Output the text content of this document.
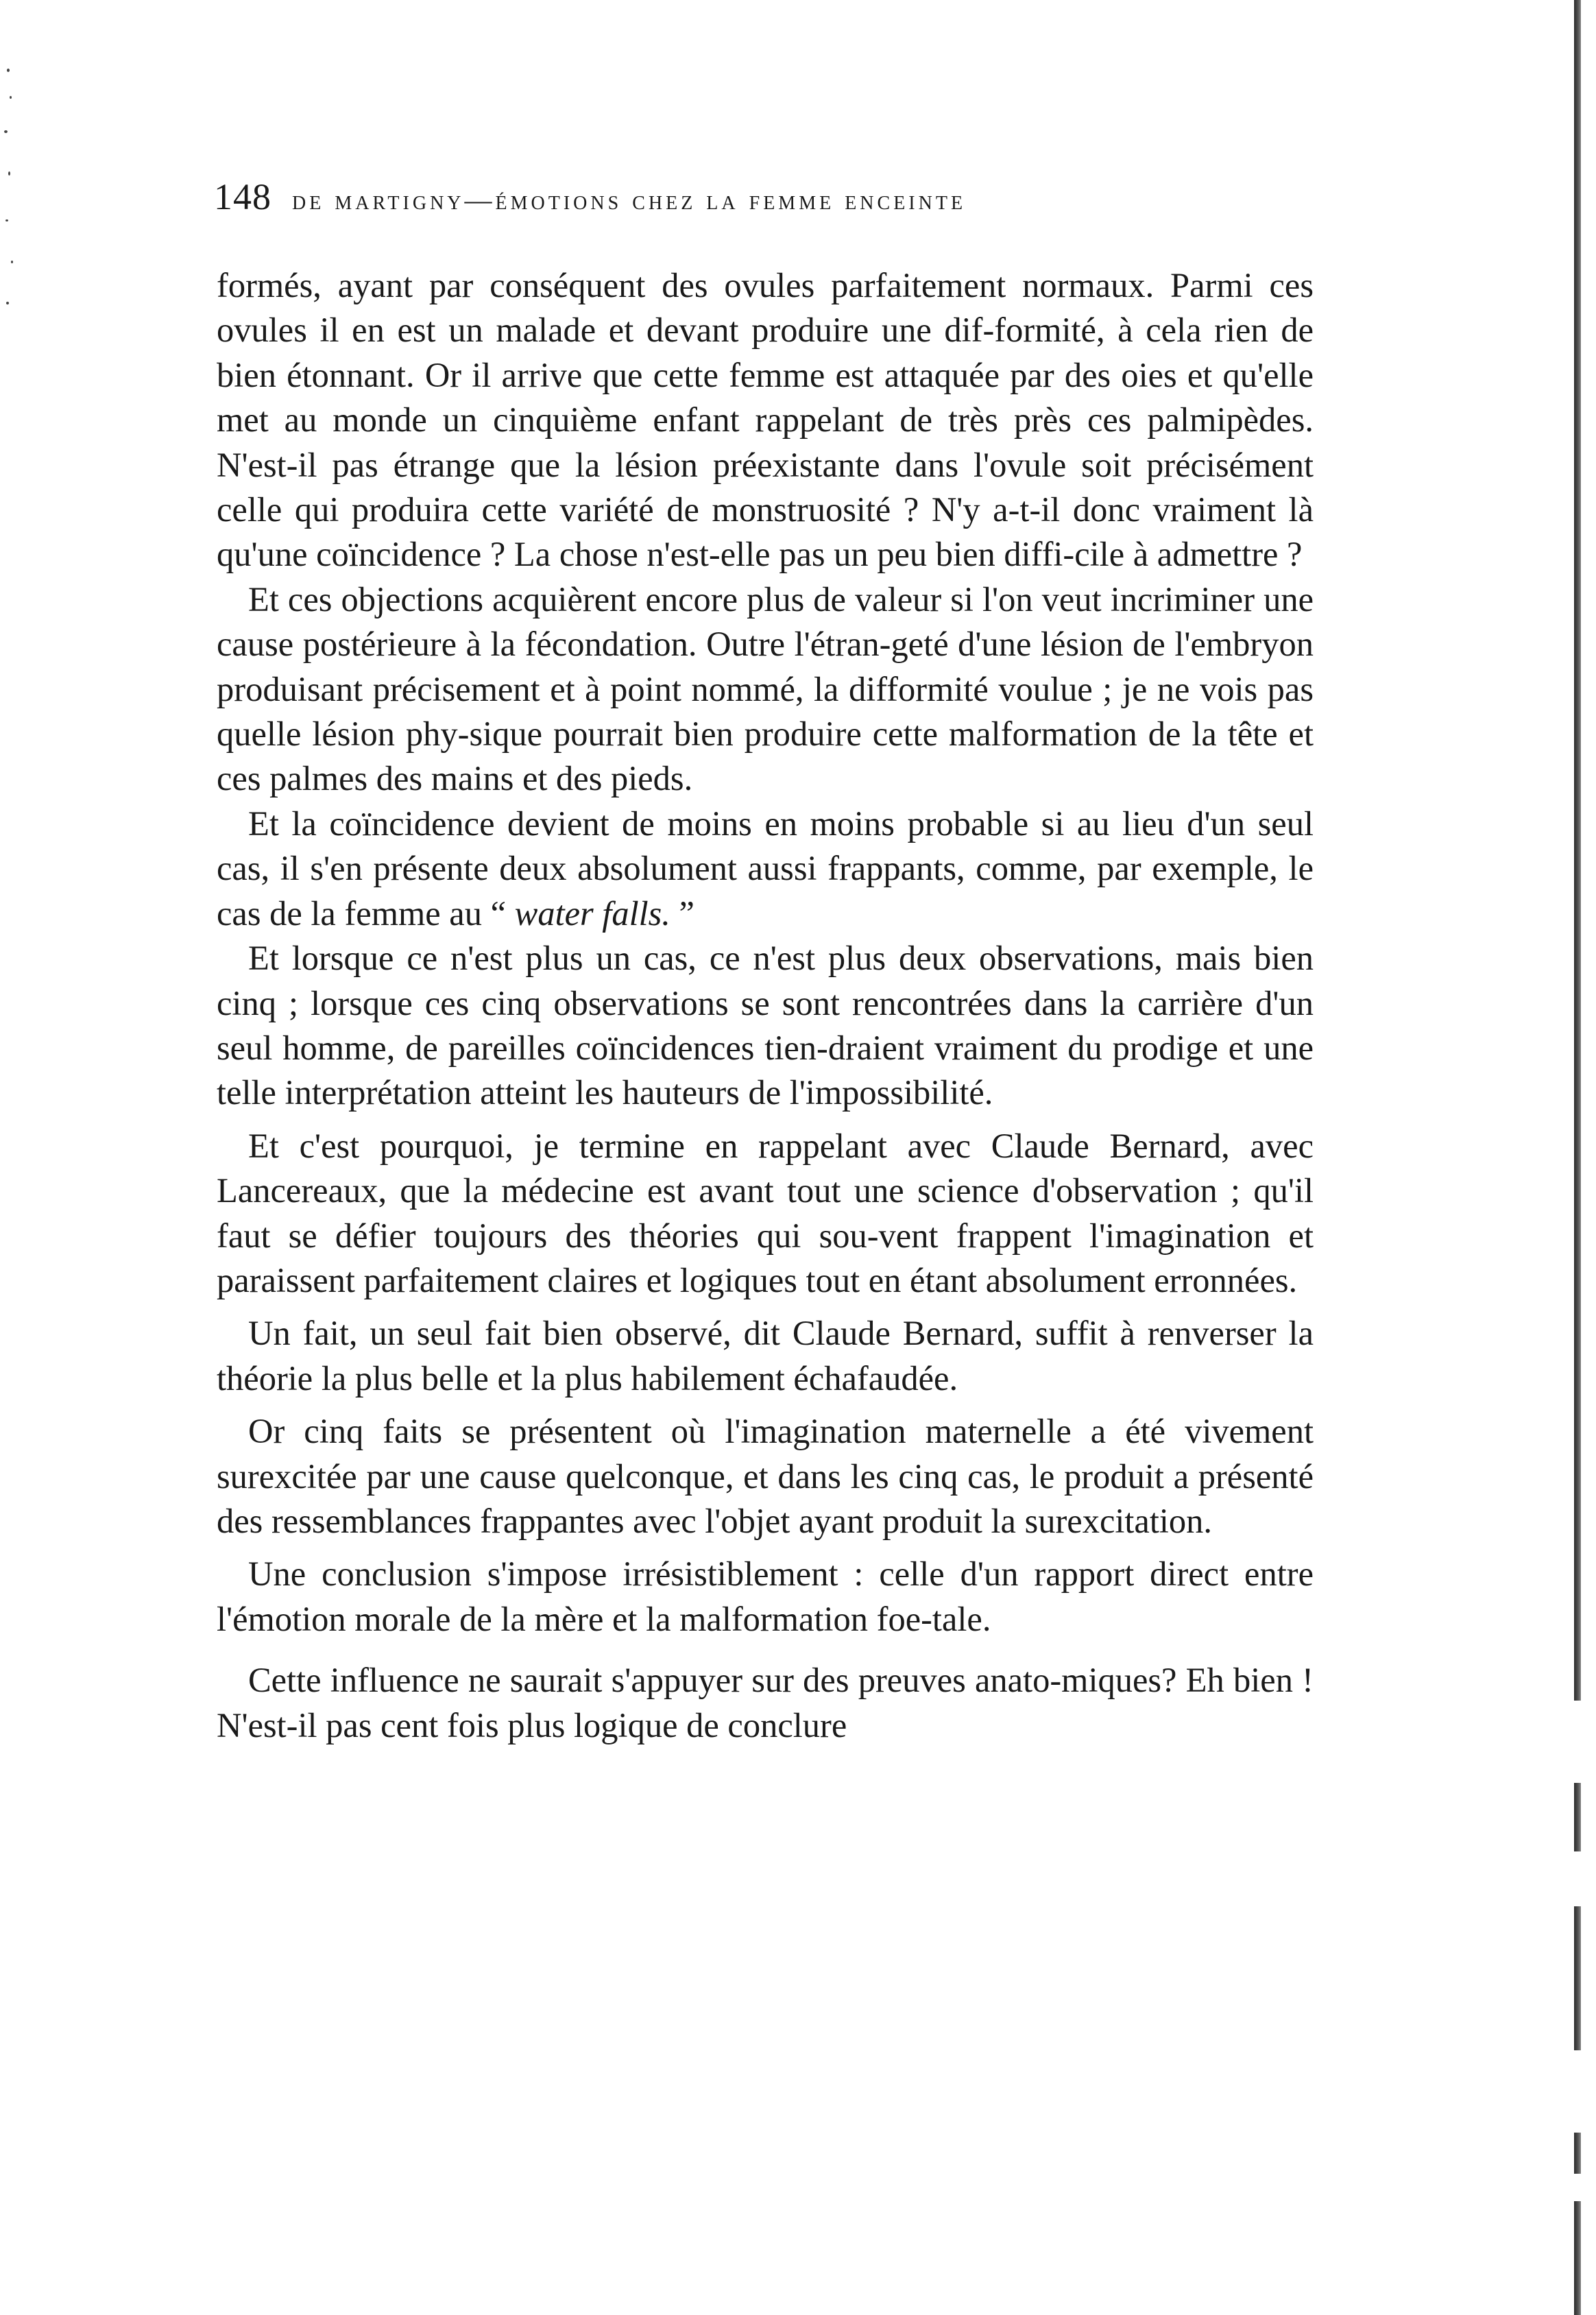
148 de martigny—émotions chez la femme enceinte

formés, ayant par conséquent des ovules parfaitement normaux. Parmi ces ovules il en est un malade et devant produire une dif-formité, à cela rien de bien étonnant. Or il arrive que cette femme est attaquée par des oies et qu'elle met au monde un cinquième enfant rappelant de très près ces palmipèdes. N'est-il pas étrange que la lésion préexistante dans l'ovule soit précisément celle qui produira cette variété de monstruosité ? N'y a-t-il donc vraiment là qu'une coïncidence ? La chose n'est-elle pas un peu bien diffi-cile à admettre ?

Et ces objections acquièrent encore plus de valeur si l'on veut incriminer une cause postérieure à la fécondation. Outre l'étran-geté d'une lésion de l'embryon produisant précisement et à point nommé, la difformité voulue ; je ne vois pas quelle lésion phy-sique pourrait bien produire cette malformation de la tête et ces palmes des mains et des pieds.

Et la coïncidence devient de moins en moins probable si au lieu d'un seul cas, il s'en présente deux absolument aussi frappants, comme, par exemple, le cas de la femme au “ water falls. ”

Et lorsque ce n'est plus un cas, ce n'est plus deux observations, mais bien cinq ; lorsque ces cinq observations se sont rencontrées dans la carrière d'un seul homme, de pareilles coïncidences tien-draient vraiment du prodige et une telle interprétation atteint les hauteurs de l'impossibilité.

Et c'est pourquoi, je termine en rappelant avec Claude Bernard, avec Lancereaux, que la médecine est avant tout une science d'observation ; qu'il faut se défier toujours des théories qui sou-vent frappent l'imagination et paraissent parfaitement claires et logiques tout en étant absolument erronnées.

Un fait, un seul fait bien observé, dit Claude Bernard, suffit à renverser la théorie la plus belle et la plus habilement échafaudée.

Or cinq faits se présentent où l'imagination maternelle a été vivement surexcitée par une cause quelconque, et dans les cinq cas, le produit a présenté des ressemblances frappantes avec l'objet ayant produit la surexcitation.

Une conclusion s'impose irrésistiblement : celle d'un rapport direct entre l'émotion morale de la mère et la malformation foe-tale.

Cette influence ne saurait s'appuyer sur des preuves anato-miques? Eh bien ! N'est-il pas cent fois plus logique de conclure
